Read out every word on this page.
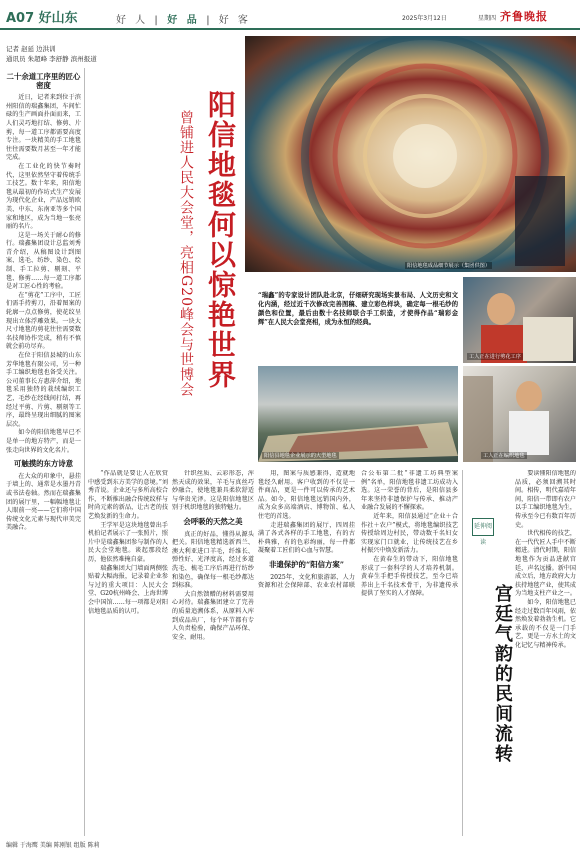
A07 好山东	好 人 | 好 品 | 好 客	2025年3月12日	星期四 齐鲁晚报
记者 赵延 边洪训
通讯员 朱超峰 李舒静 滨州报道
阳信地毯何以惊艳世界
曾铺进人民大会堂，亮相G20峰会与世博会	阳信地毯成品细节展示（集团供图）
工人正在进行剪花工序
阳信县地毯企业展示的大型地毯	工人正在编织地毯
“瑞鑫”的专家设计团队赴北京，仔细研究现场实景布局、人文历史和文化内涵，经过近千次修改完善图稿、建立彩色样块，确定每一根毛纱的颜色和位置，最后由数十名技师联合手工织造，才使得作品“瑞彩金辉”在人民大会堂亮相，成为永恒的经典。
二十余道工序里的匠心密度

近日，记者来到位于滨州阳信的瑞鑫集团，车间忙碌的生产画面扑面而来，工人们灵巧地打结、修剪、片剪，每一道工序都需要高度专注。一块精美的手工地毯往往需要数月甚至一年才能完成。

在工业化的快节奏时代，这里依然坚守着传统手工技艺。数十年来，阳信地毯从最初的作坊式生产发展为现代化企业，产品远销欧美、中东、东南亚等多个国家和地区，成为当地一张亮丽的名片。

这是一场关于耐心的修行。瑞鑫集团设计总监刘秀青介绍，从稿图设计到图案、选毛、纺纱、染色、绘制、手工拉剪、剔刻、平毯、修剪……每一道工序都是对工匠心性的考验。

在“剪花”工序中，工匠们需手持剪刀，沿着图案的轮廓一点点修剪，使花纹呈现出立体浮雕效果。一块大尺寸地毯的剪花往往需要数名技师协作完成，稍有不慎就会前功尽弃。

在位于阳信县城的山东芳华地毯有限公司，另一种手工编织地毯也备受关注。公司董事长方惠萍介绍，地毯采用独特的栽绒编织工艺，毛纱在经线间打结，再经过平剪、片剪、剔刻等工序，最终呈现出细腻的图案层次。

如今的阳信地毯早已不是单一的地方特产，而是一张走向世界的文化名片。

可触摸的东方诗意

在大众的印象中，悬挂于墙上的、通常是水墨丹青或书法卷轴。然而在瑞鑫集团的展厅里，一幅幅地毯让人眼前一亮——它们将中国传统文化元素与现代审美完美融合。

“作品就是要让人在欣赏中感受到东方美学的意境。”刘秀青说。企业还与多所高校合作，不断推出融合传统纹样与时尚元素的新品，让古老的技艺焕发新的生命力。

王学军是这块地毯曾出手机拍记者展示了一张照片，照片中是瑞鑫集团参与制作的人民大会堂地毯。谈起那段经历，他依然难掩自豪。

瑞鑫集团大门墙面两侧张贴着大幅海报，记录着企业参与过的重大项目：人民大会堂、G20杭州峰会、上海世博会中国馆……每一项都是对阳信地毯品质的认可。

针织丝质、云彩形态，浑然天成的效果，羊毛与真丝巧妙融合，使地毯兼具柔软舒适与华贵光泽。这是阳信地毯区别于机织地毯的独特魅力。

会呼吸的天然之美

真正的好品，懂得从源头把关。阳信地毯精选新西兰、澳大利亚进口羊毛，纤维长、弹性好、光泽度高，经过多道洗毛、梳毛工序后再进行纺纱和染色，确保每一根毛纱都达到标准。

大自然馈赠的材料需要用心对待。瑞鑫集团建立了完善的质量追溯体系，从原料入库到成品出厂，每个环节都有专人负责检验，确保产品环保、安全、耐用。

用，图案与质感兼得，造就地毯经久耐用。客户收到的不仅是一件商品，更是一件可以传承的艺术品。如今，阳信地毯远销国内外，成为众多高端酒店、博物馆、私人住宅的首选。

走进瑞鑫集团的展厅，四周挂满了各式各样的手工地毯，有的古朴典雅，有的色彩绚丽，每一件都凝聚着工匠们的心血与智慧。

非遗保护的“阳信方案”

2025年，文化和旅游部、人力资源和社会保障部、农业农村部联合公布第二批“非遗工坊典型案例”名单，阳信地毯非遗工坊成功入选。这一荣誉的背后，是阳信县多年来坚持非遗保护与传承、推动产业融合发展的不懈探索。

近年来，阳信县通过“企业＋合作社＋农户”模式，将地毯编织技艺传授给周边村民，带动数千名妇女实现家门口就业，让传统技艺在乡村振兴中焕发新活力。

在黄春生的带动下，阳信地毯形成了一套科学的人才培养机制。黄春生手把手传授技艺，至今已培养出上千名技术骨干，为非遗传承提供了坚实的人才保障。

延伸阅读
宫廷气韵的民间流转

要读懂阳信地毯的品质，必须回溯其时间。相传，明代嘉靖年间，阳信一带即有农户以手工编织地毯为生，传承至今已有数百年历史。

世代相传的技艺，在一代代匠人手中不断精进。清代时期，阳信地毯作为贡品进献宫廷，声名远播。新中国成立后，地方政府大力扶持地毯产业，使其成为当地支柱产业之一。

如今，阳信地毯已经走过数百年风雨，依然焕发着勃勃生机。它承载的不仅是一门手艺，更是一方水土的文化记忆与精神传承。

编辑 于海鹰 美编 陈刚银 组版 陈莉
